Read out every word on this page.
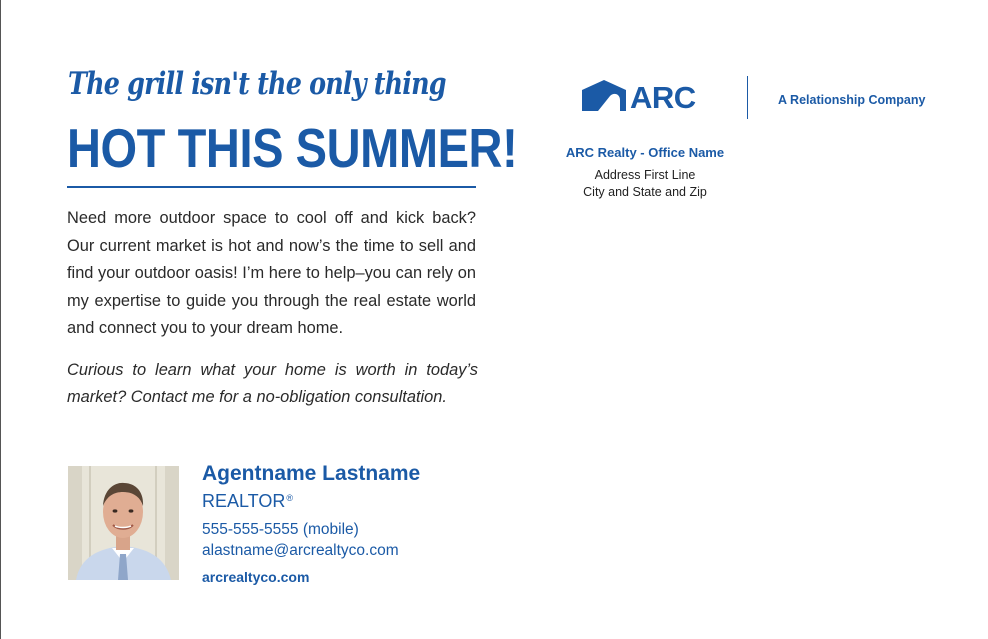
The grill isn't the only thing
HOT THIS SUMMER!
Need more outdoor space to cool off and kick back? Our current market is hot and now’s the time to sell and find your outdoor oasis! I’m here to help–you can rely on my expertise to guide you through the real estate world and connect you to your dream home.
Curious to learn what your home is worth in today’s market? Contact me for a no-obligation consultation.
Agentname Lastname
REALTOR®
555-555-5555 (mobile)
alastname@arcrealtyco.com
arcrealtyco.com
ARC	A Relationship Company
ARC Realty - Office Name
Address First Line
City and State and Zip
